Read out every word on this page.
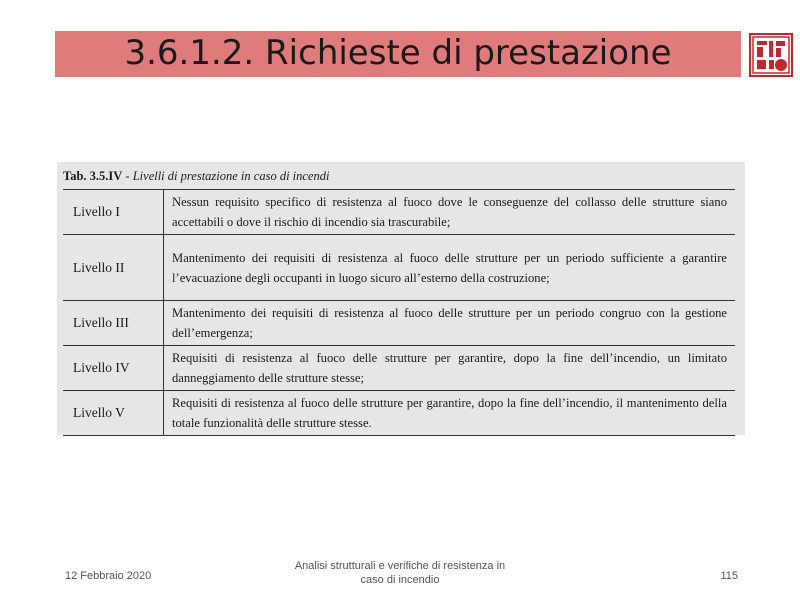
3.6.1.2. Richieste di prestazione
Tab. 3.5.IV - Livelli di prestazione in caso di incendi
Livello I	Nessun requisito specifico di resistenza al fuoco dove le conseguenze del collasso delle strutture siano accettabili o dove il rischio di incendio sia trascurabile;
Livello II	Mantenimento dei requisiti di resistenza al fuoco delle strutture per un periodo sufficiente a garantire l’evacuazione degli occupanti in luogo sicuro all’esterno della costruzione;
Livello III	Mantenimento dei requisiti di resistenza al fuoco delle strutture per un periodo congruo con la gestione dell’emergenza;
Livello IV	Requisiti di resistenza al fuoco delle strutture per garantire, dopo la fine dell’incendio, un limitato danneggiamento delle strutture stesse;
Livello V	Requisiti di resistenza al fuoco delle strutture per garantire, dopo la fine dell’incendio, il mantenimento della totale funzionalità delle strutture stesse.
12 Febbraio 2020
Analisi strutturali e verifiche di resistenza in
caso di incendio	115
